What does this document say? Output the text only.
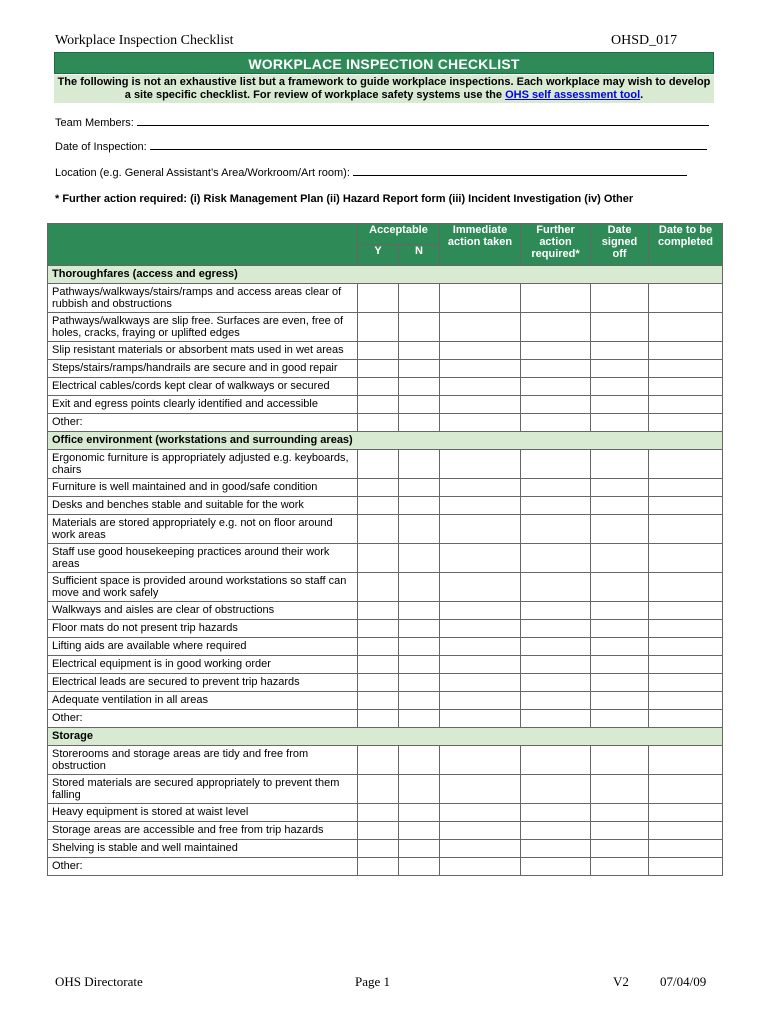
Workplace Inspection Checklist	OHSD_017
WORKPLACE INSPECTION CHECKLIST
The following is not an exhaustive list but a framework to guide workplace inspections. Each workplace may wish to develop a site specific checklist. For review of workplace safety systems use the OHS self assessment tool.
Team Members:
Date of Inspection:
Location (e.g. General Assistant’s Area/Workroom/Art room):
* Further action required: (i) Risk Management Plan (ii) Hazard Report form (iii) Incident Investigation (iv) Other
	Acceptable		Immediate action taken	Further action required*	Date signed off	Date to be completed
	Y	N				
Thoroughfares (access and egress)						
Pathways/walkways/stairs/ramps and access areas clear of rubbish and obstructions						
Pathways/walkways are slip free. Surfaces are even, free of holes, cracks, fraying or uplifted edges						
Slip resistant materials or absorbent mats used in wet areas						
Steps/stairs/ramps/handrails are secure and in good repair						
Electrical cables/cords kept clear of walkways or secured						
Exit and egress points clearly identified and accessible						
Other:						
Office environment (workstations and surrounding areas)						
Ergonomic furniture is appropriately adjusted e.g. keyboards, chairs						
Furniture is well maintained and in good/safe condition						
Desks and benches stable and suitable for the work						
Materials are stored appropriately e.g. not on floor around work areas						
Staff use good housekeeping practices around their work areas						
Sufficient space is provided around workstations so staff can move and work safely						
Walkways and aisles are clear of obstructions						
Floor mats do not present trip hazards						
Lifting aids are available where required						
Electrical equipment is in good working order						
Electrical leads are secured to prevent trip hazards						
Adequate ventilation in all areas						
Other:						
Storage						
Storerooms and storage areas are tidy and free from obstruction						
Stored materials are secured appropriately to prevent them falling						
Heavy equipment is stored at waist level						
Storage areas are accessible and free from trip hazards						
Shelving is stable and well maintained						
Other:						
OHS Directorate	Page 1	V2 07/04/09
